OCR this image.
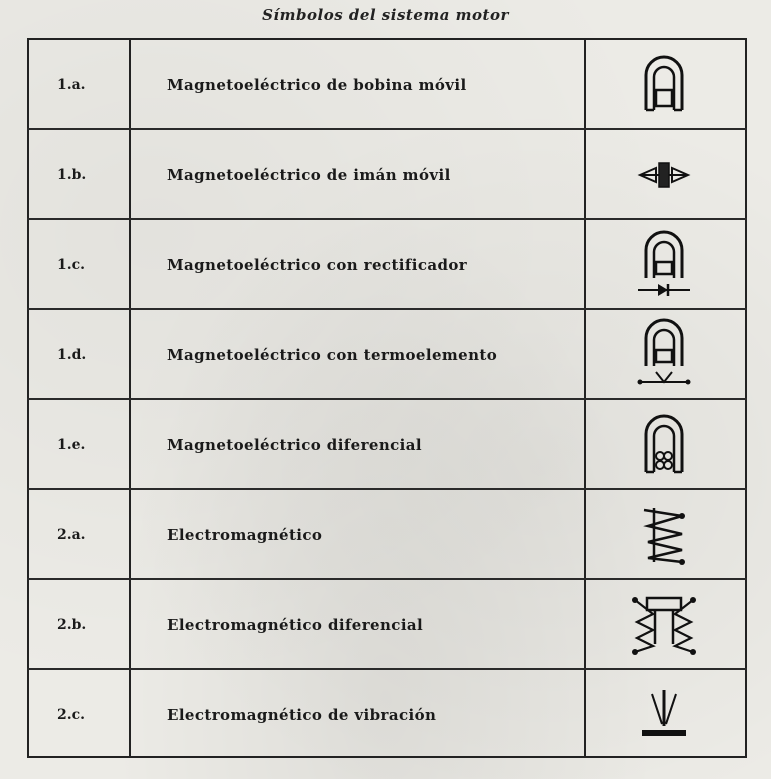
Símbolos del sistema motor
1.a.	Magnetoeléctrico de bobina móvil
1.b.	Magnetoeléctrico de imán móvil
1.c.	Magnetoeléctrico con rectificador
1.d.	Magnetoeléctrico con termoelemento
1.e.	Magnetoeléctrico diferencial
2.a.	Electromagnético
2.b.	Electromagnético diferencial
2.c.	Electromagnético de vibración
